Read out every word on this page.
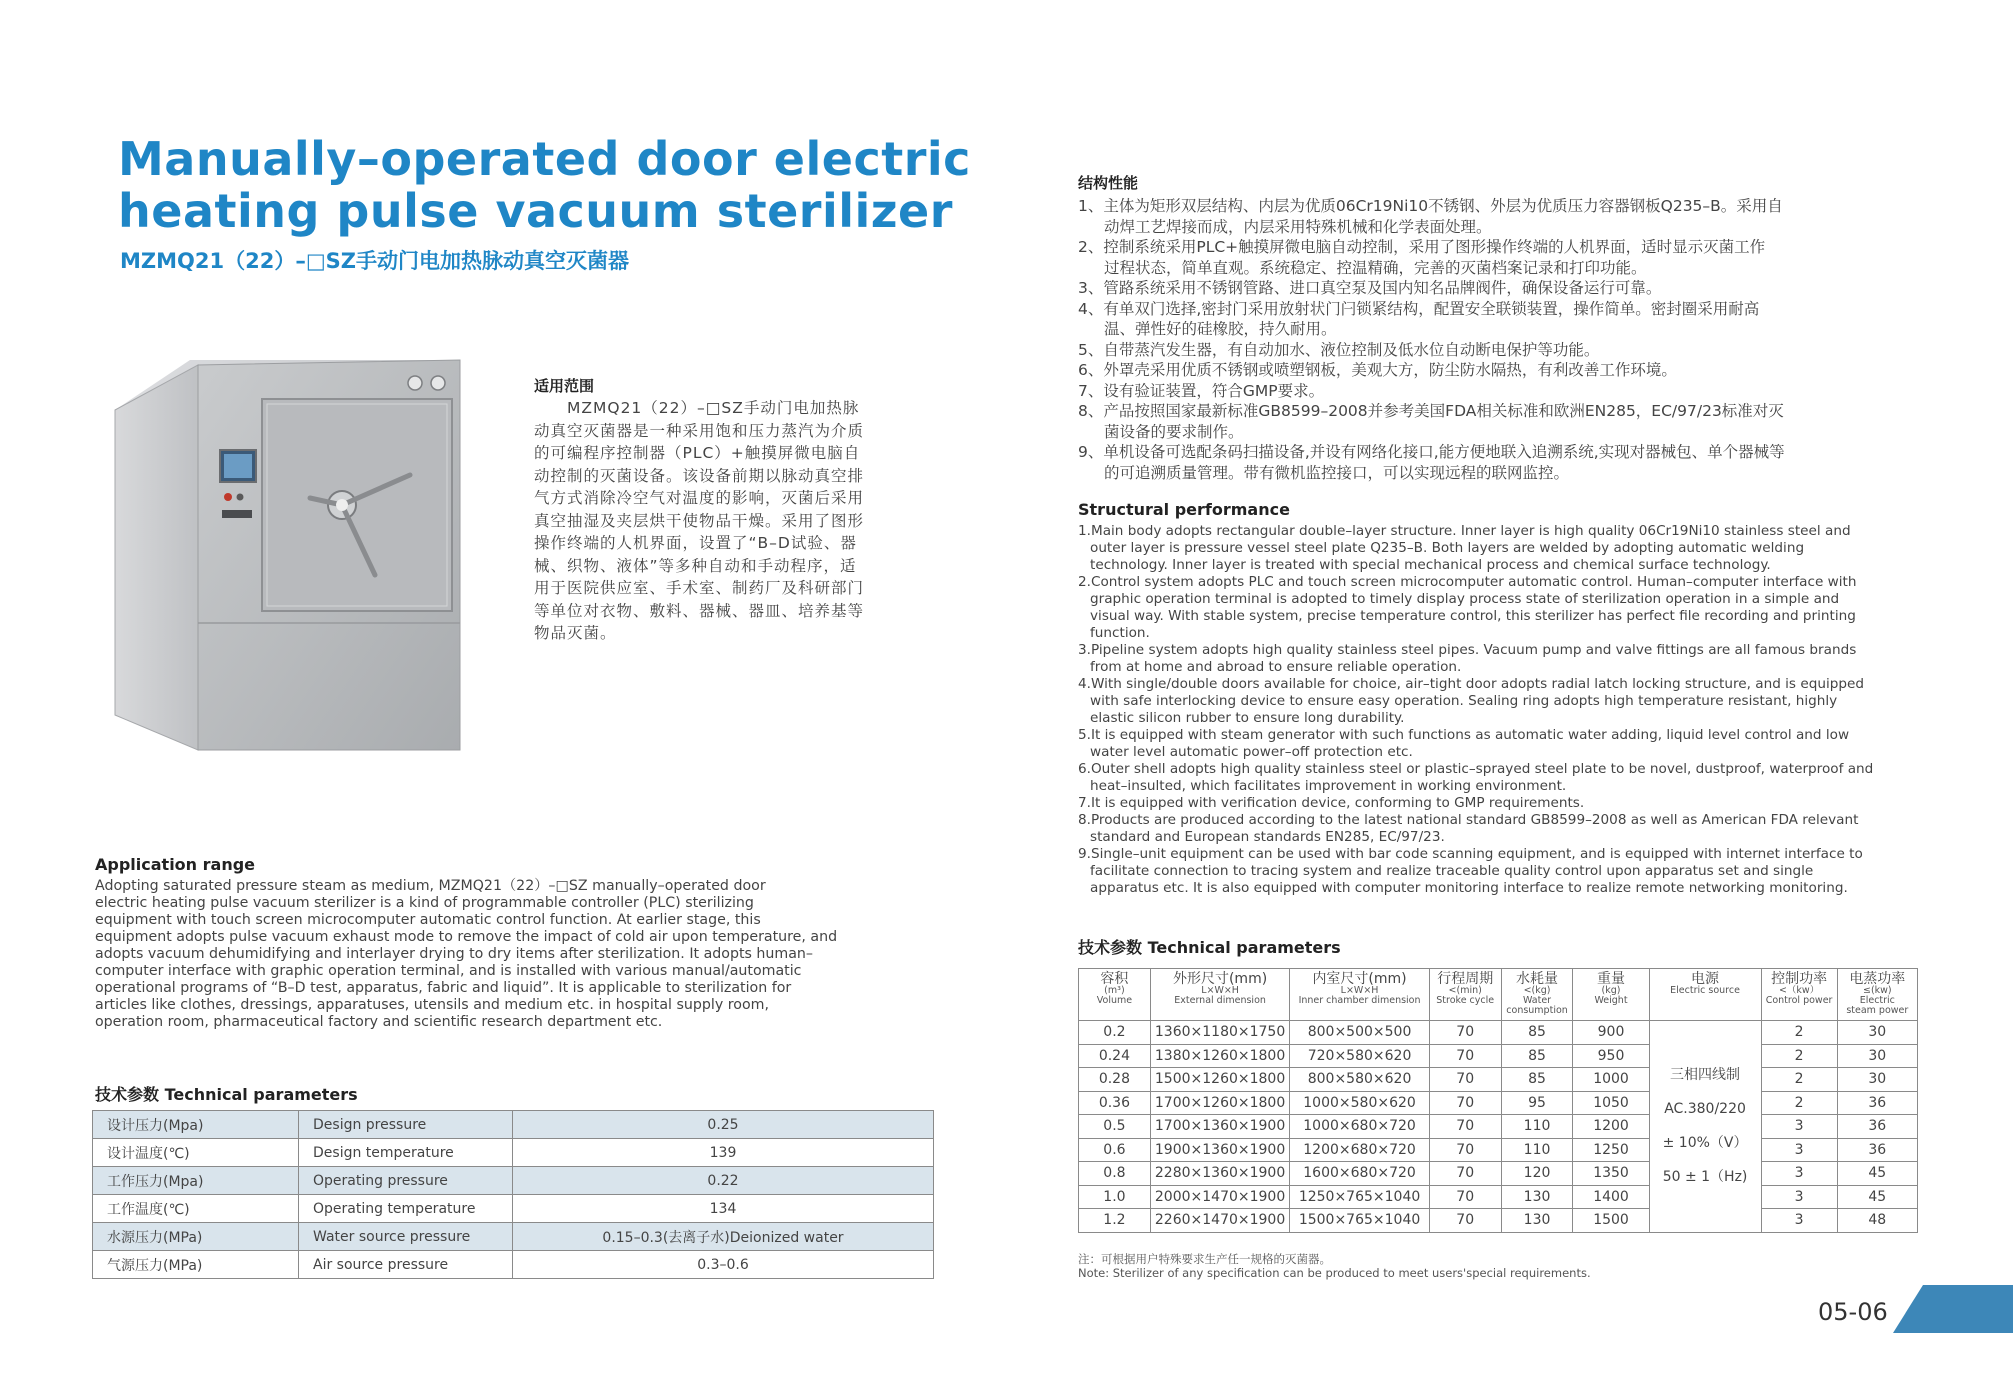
Manually–operated door electric
heating pulse vacuum sterilizer
MZMQ21（22）–□SZ手动门电加热脉动真空灭菌器
适用范围

　　MZMQ21（22）–□SZ手动门电加热脉

动真空灭菌器是一种采用饱和压力蒸汽为介质

的可编程序控制器（PLC）+触摸屏微电脑自

动控制的灭菌设备。该设备前期以脉动真空排

气方式消除冷空气对温度的影响，灭菌后采用

真空抽湿及夹层烘干使物品干燥。采用了图形

操作终端的人机界面，设置了“B–D试验、器

械、织物、液体”等多种自动和手动程序，适

用于医院供应室、手术室、制药厂及科研部门

等单位对衣物、敷料、器械、器皿、培养基等

物品灭菌。

Application range

Adopting saturated pressure steam as medium, MZMQ21（22）–□SZ manually–operated door

electric heating pulse vacuum sterilizer is a kind of programmable controller (PLC) sterilizing

equipment with touch screen microcomputer automatic control function. At earlier stage, this

equipment adopts pulse vacuum exhaust mode to remove the impact of cold air upon temperature, and

adopts vacuum dehumidifying and interlayer drying to dry items after sterilization. It adopts human–

computer interface with graphic operation terminal, and is installed with various manual/automatic

operational programs of “B–D test, apparatus, fabric and liquid”. It is applicable to sterilization for

articles like clothes, dressings, apparatuses, utensils and medium etc. in hospital supply room,

operation room, pharmaceutical factory and scientific research department etc.

技术参数 Technical parameters
设计压力(Mpa)	Design pressure	0.25
设计温度(℃)	Design temperature	139
工作压力(Mpa)	Operating pressure	0.22
工作温度(℃)	Operating temperature	134
水源压力(MPa)	Water source pressure	0.15–0.3(去离子水)Deionized water
气源压力(MPa)	Air source pressure	0.3–0.6
结构性能

1、主体为矩形双层结构、内层为优质06Cr19Ni10不锈钢、外层为优质压力容器钢板Q235–B。采用自

动焊工艺焊接而成，内层采用特殊机械和化学表面处理。

2、控制系统采用PLC+触摸屏微电脑自动控制，采用了图形操作终端的人机界面，适时显示灭菌工作

过程状态，简单直观。系统稳定、控温精确，完善的灭菌档案记录和打印功能。

3、管路系统采用不锈钢管路、进口真空泵及国内知名品牌阀件，确保设备运行可靠。

4、有单双门选择,密封门采用放射状门闩锁紧结构，配置安全联锁装置，操作简单。密封圈采用耐高

温、弹性好的硅橡胶，持久耐用。

5、自带蒸汽发生器，有自动加水、液位控制及低水位自动断电保护等功能。

6、外罩壳采用优质不锈钢或喷塑钢板，美观大方，防尘防水隔热，有利改善工作环境。

7、设有验证装置，符合GMP要求。

8、产品按照国家最新标准GB8599–2008并参考美国FDA相关标准和欧洲EN285，EC/97/23标准对灭

菌设备的要求制作。

9、单机设备可选配条码扫描设备,并设有网络化接口,能方便地联入追溯系统,实现对器械包、单个器械等

的可追溯质量管理。带有微机监控接口，可以实现远程的联网监控。

Structural performance
1.Main body adopts rectangular double–layer structure. Inner layer is high quality 06Cr19Ni10 stainless steel and
outer layer is pressure vessel steel plate Q235–B. Both layers are welded by adopting automatic welding
technology. Inner layer is treated with special mechanical process and chemical surface technology.
2.Control system adopts PLC and touch screen microcomputer automatic control. Human–computer interface with
graphic operation terminal is adopted to timely display process state of sterilization operation in a simple and
visual way. With stable system, precise temperature control, this sterilizer has perfect file recording and printing
function.
3.Pipeline system adopts high quality stainless steel pipes. Vacuum pump and valve fittings are all famous brands
from at home and abroad to ensure reliable operation.
4.With single/double doors available for choice, air–tight door adopts radial latch locking structure, and is equipped
with safe interlocking device to ensure easy operation. Sealing ring adopts high temperature resistant, highly
elastic silicon rubber to ensure long durability.
5.It is equipped with steam generator with such functions as automatic water adding, liquid level control and low
water level automatic power–off protection etc.
6.Outer shell adopts high quality stainless steel or plastic–sprayed steel plate to be novel, dustproof, waterproof and
heat–insulted, which facilitates improvement in working environment.
7.It is equipped with verification device, conforming to GMP requirements.
8.Products are produced according to the latest national standard GB8599–2008 as well as American FDA relevant
standard and European standards EN285, EC/97/23.
9.Single–unit equipment can be used with bar code scanning equipment, and is equipped with internet interface to
facilitate connection to tracing system and realize traceable quality control upon apparatus set and single
apparatus etc. It is also equipped with computer monitoring interface to realize remote networking monitoring.
技术参数 Technical parameters
容积
(m³)
Volume	外形尺寸(mm)
L×W×H
External dimension	内室尺寸(mm)
L×W×H
Inner chamber dimension	行程周期
<(min)
Stroke cycle	水耗量
<(kg)
Water
consumption	重量
(kg)
Weight	电源
Electric source	控制功率
<（kw）
Control power	电蒸功率
≤(kw)
Electric
steam power

0.2	1360×1180×1750	800×500×500	70	85	900	三相四线制
AC.380/220
± 10%（V）
50 ± 1（Hz)	2	30
0.24	1380×1260×1800	720×580×620	70	85	950		2	30
0.28	1500×1260×1800	800×580×620	70	85	1000		2	30
0.36	1700×1260×1800	1000×580×620	70	95	1050		2	36
0.5	1700×1360×1900	1000×680×720	70	110	1200		3	36
0.6	1900×1360×1900	1200×680×720	70	110	1250		3	36
0.8	2280×1360×1900	1600×680×720	70	120	1350		3	45
1.0	2000×1470×1900	1250×765×1040	70	130	1400		3	45
1.2	2260×1470×1900	1500×765×1040	70	130	1500		3	48
注：可根据用户特殊要求生产任一规格的灭菌器。
Note: Sterilizer of any specification can be produced to meet users'special requirements.
05-06
